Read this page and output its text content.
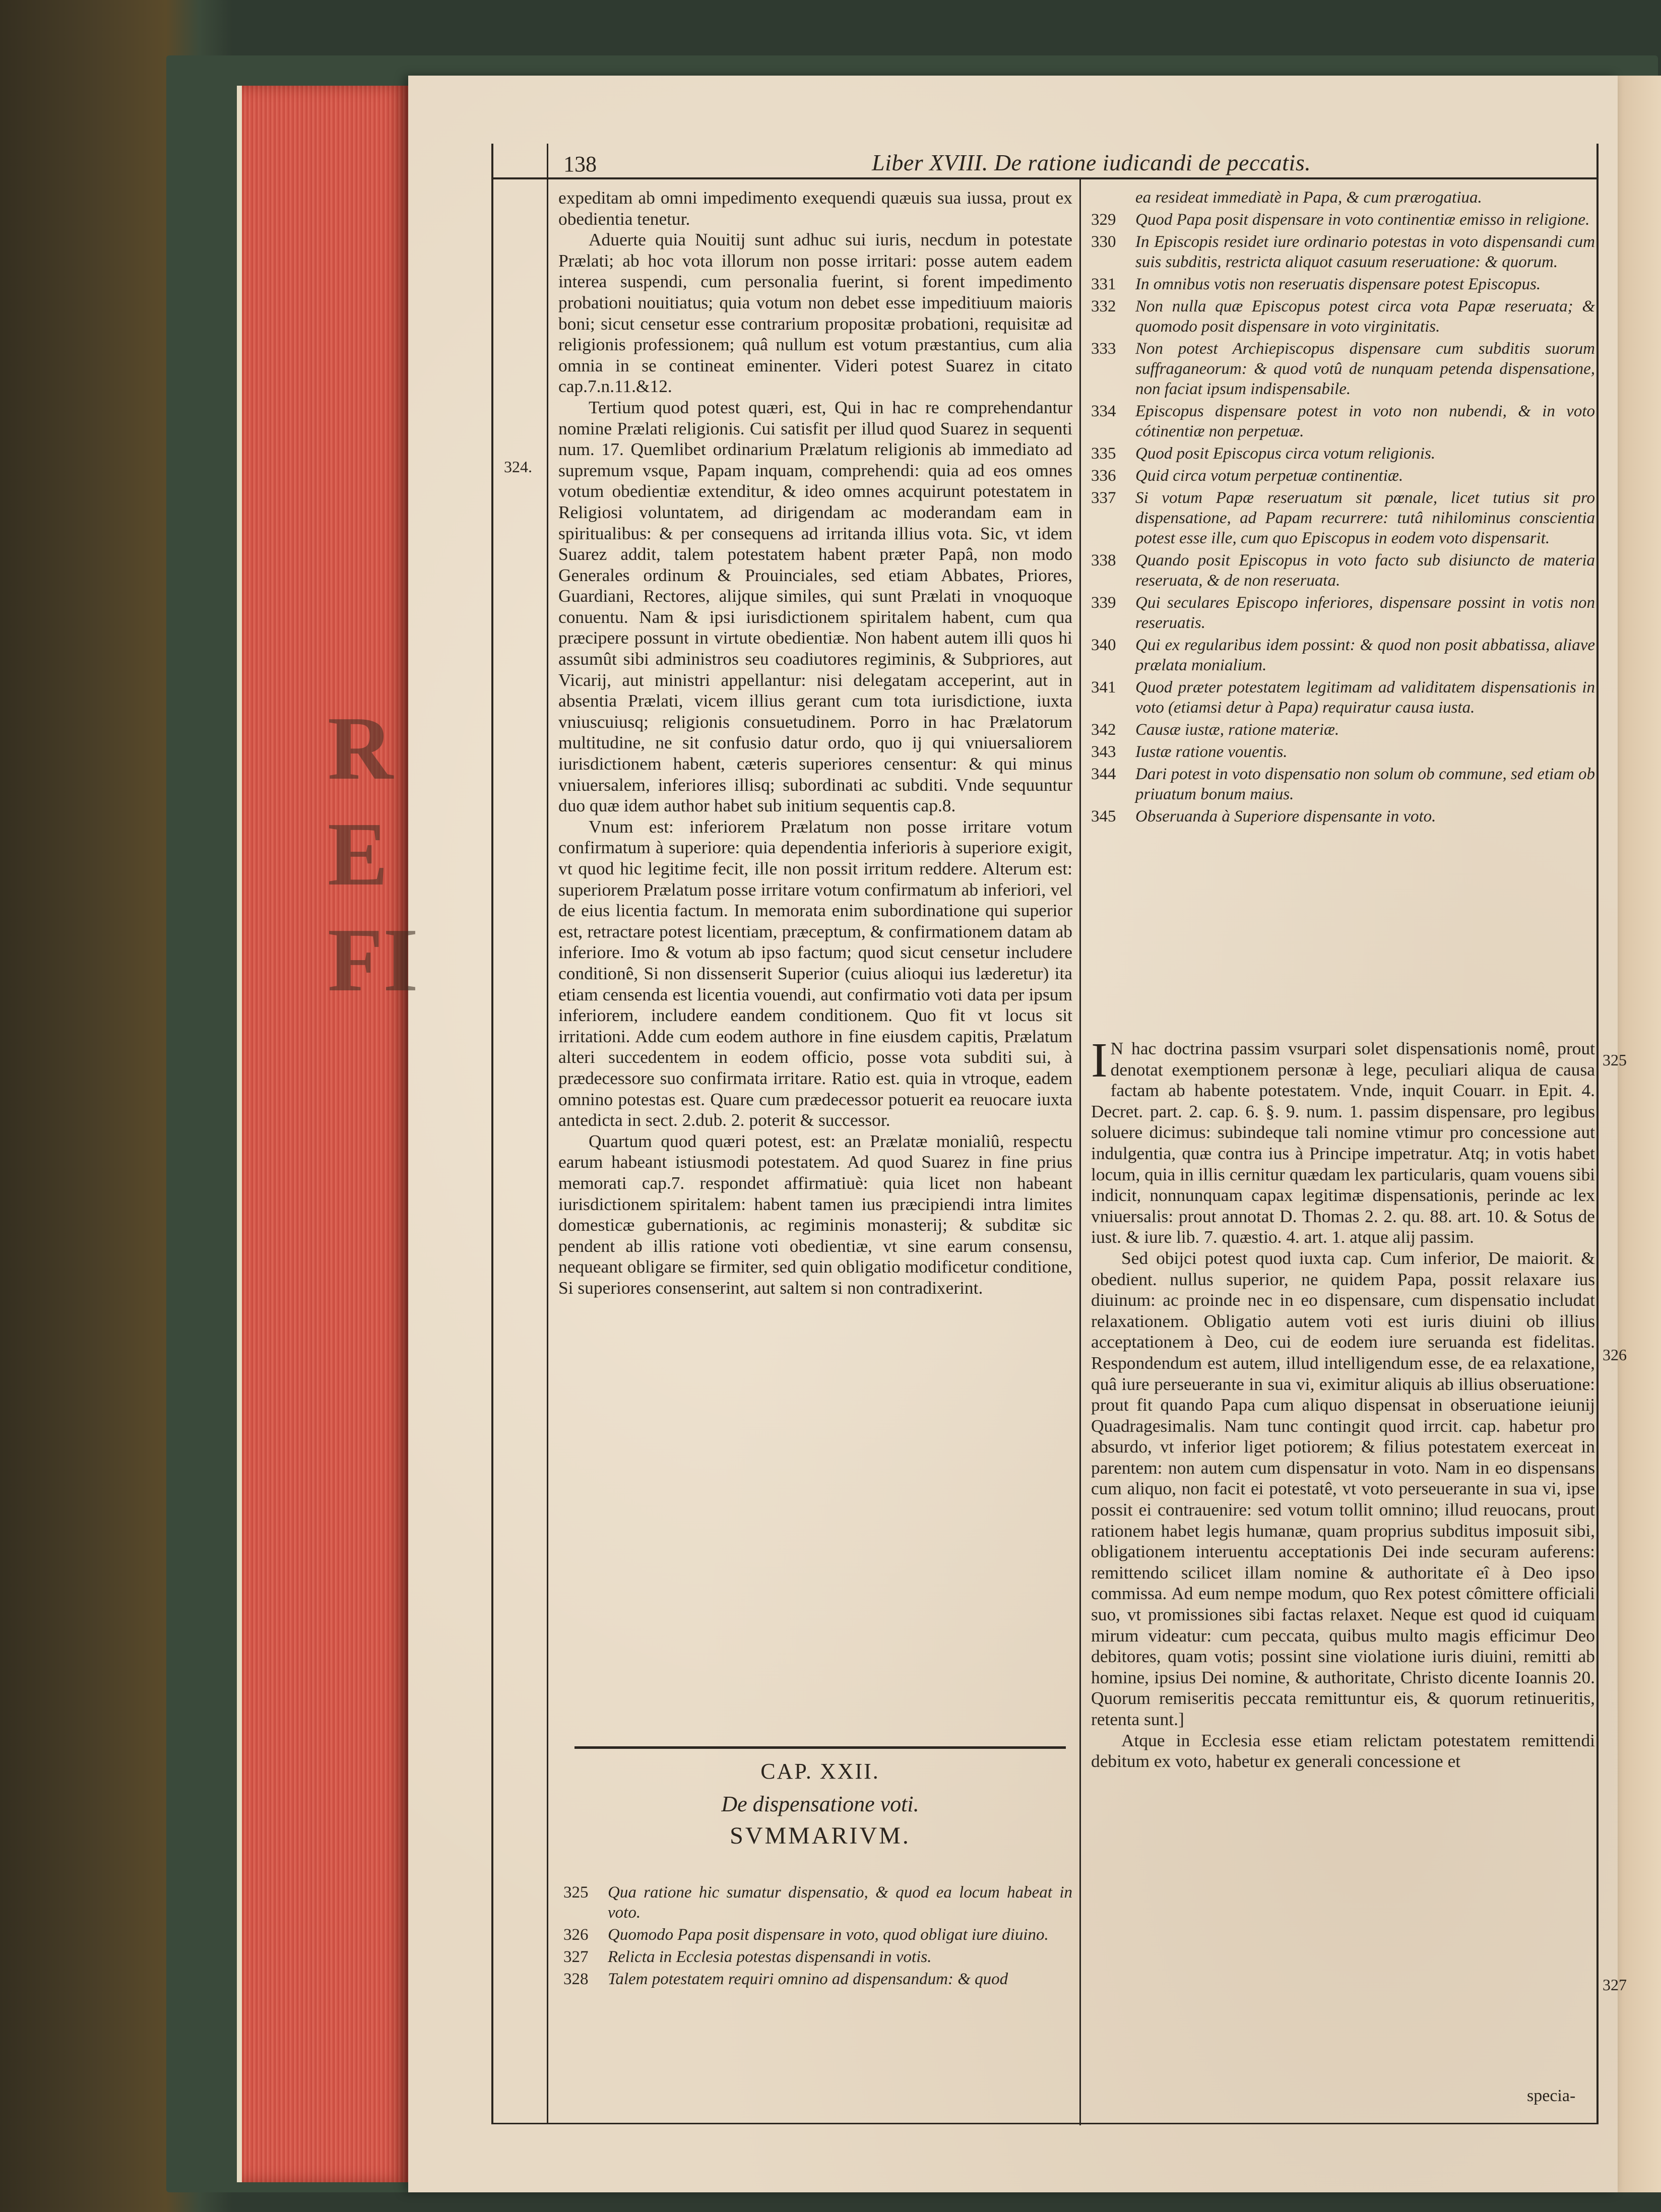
R
E
FI
138	Liber XVIII. De ratione iudicandi de peccatis.
324.

expeditam ab omni impedimento exequendi quæuis sua iussa, prout ex obedientia tenetur.

Aduerte quia Nouitij sunt adhuc sui iuris, necdum in potestate Prælati; ab hoc vota illorum non posse irritari: posse autem eadem interea suspendi, cum personalia fuerint, si forent impedimento probationi nouitiatus; quia votum non debet esse impeditiuum maioris boni; sicut censetur esse contrarium propositæ probationi, requisitæ ad religionis professionem; quâ nullum est votum præstantius, cum alia omnia in se contineat eminenter. Videri potest Suarez in citato cap.7.n.11.&12.

Tertium quod potest quæri, est, Qui in hac re comprehendantur nomine Prælati religionis. Cui satisfit per illud quod Suarez in sequenti num. 17. Quemlibet ordinarium Prælatum religionis ab immediato ad supremum vsque, Papam inquam, comprehendi: quia ad eos omnes votum obedientiæ extenditur, & ideo omnes acquirunt potestatem in Religiosi voluntatem, ad dirigendam ac moderandam eam in spiritualibus: & per consequens ad irritanda illius vota. Sic, vt idem Suarez addit, talem potestatem habent præter Papâ, non modo Generales ordinum & Prouinciales, sed etiam Abbates, Priores, Guardiani, Rectores, alijque similes, qui sunt Prælati in vnoquoque conuentu. Nam & ipsi iurisdictionem spiritalem habent, cum qua præcipere possunt in virtute obedientiæ. Non habent autem illi quos hi assumût sibi administros seu coadiutores regiminis, & Subpriores, aut Vicarij, aut ministri appellantur: nisi delegatam acceperint, aut in absentia Prælati, vicem illius gerant cum tota iurisdictione, iuxta vniuscuiusq; religionis consuetudinem. Porro in hac Prælatorum multitudine, ne sit confusio datur ordo, quo ij qui vniuersaliorem iurisdictionem habent, cæteris superiores censentur: & qui minus vniuersalem, inferiores illisq; subordinati ac subditi. Vnde sequuntur duo quæ idem author habet sub initium sequentis cap.8.

Vnum est: inferiorem Prælatum non posse irritare votum confirmatum à superiore: quia dependentia inferioris à superiore exigit, vt quod hic legitime fecit, ille non possit irritum reddere. Alterum est: superiorem Prælatum posse irritare votum confirmatum ab inferiori, vel de eius licentia factum. In memorata enim subordinatione qui superior est, retractare potest licentiam, præceptum, & confirmationem datam ab inferiore. Imo & votum ab ipso factum; quod sicut censetur includere conditionê, Si non dissenserit Superior (cuius alioqui ius læderetur) ita etiam censenda est licentia vouendi, aut confirmatio voti data per ipsum inferiorem, includere eandem conditionem. Quo fit vt locus sit irritationi. Adde cum eodem authore in fine eiusdem capitis, Prælatum alteri succedentem in eodem officio, posse vota subditi sui, à prædecessore suo confirmata irritare. Ratio est. quia in vtroque, eadem omnino potestas est. Quare cum prædecessor potuerit ea reuocare iuxta antedicta in sect. 2.dub. 2. poterit & successor.

Quartum quod quæri potest, est: an Prælatæ monialiû, respectu earum habeant istiusmodi potestatem. Ad quod Suarez in fine prius memorati cap.7. respondet affirmatiuè: quia licet non habeant iurisdictionem spiritalem: habent tamen ius præcipiendi intra limites domesticæ gubernationis, ac regiminis monasterij; & subditæ sic pendent ab illis ratione voti obedientiæ, vt sine earum consensu, nequeant obligare se firmiter, sed quin obligatio modificetur conditione, Si superiores consenserint, aut saltem si non contradixerint.

CAP. XXII.

De dispensatione voti.

SVMMARIVM.

325	Qua ratione hic sumatur dispensatio, & quod ea locum habeat in voto.
326	Quomodo Papa posit dispensare in voto, quod obligat iure diuino.
327	Relicta in Ecclesia potestas dispensandi in votis.
328	Talem potestatem requiri omnino ad dispensandum: & quod
ea resideat immediatè in Papa, & cum prærogatiua.
329	Quod Papa posit dispensare in voto continentiæ emisso in religione.
330	In Episcopis residet iure ordinario potestas in voto dispensandi cum suis subditis, restricta aliquot casuum reseruatione: & quorum.
331	In omnibus votis non reseruatis dispensare potest Episcopus.
332	Non nulla quæ Episcopus potest circa vota Papæ reseruata; & quomodo posit dispensare in voto virginitatis.
333	Non potest Archiepiscopus dispensare cum subditis suorum suffraganeorum: & quod votû de nunquam petenda dispensatione, non faciat ipsum indispensabile.
334	Episcopus dispensare potest in voto non nubendi, & in voto cótinentiæ non perpetuæ.
335	Quod posit Episcopus circa votum religionis.
336	Quid circa votum perpetuæ continentiæ.
337	Si votum Papæ reseruatum sit pœnale, licet tutius sit pro dispensatione, ad Papam recurrere: tutâ nihilominus conscientia potest esse ille, cum quo Episcopus in eodem voto dispensarit.
338	Quando posit Episcopus in voto facto sub disiuncto de materia reseruata, & de non reseruata.
339	Qui seculares Episcopo inferiores, dispensare possint in votis non reseruatis.
340	Qui ex regularibus idem possint: & quod non posit abbatissa, aliave prælata monialium.
341	Quod præter potestatem legitimam ad validitatem dispensationis in voto (etiamsi detur à Papa) requiratur causa iusta.
342	Causæ iustæ, ratione materiæ.
343	Iustæ ratione vouentis.
344	Dari potest in voto dispensatio non solum ob commune, sed etiam ob priuatum bonum maius.
345	Obseruanda à Superiore dispensante in voto.

I N hac doctrina passim vsurpari solet dispensationis nomê, prout denotat exemptionem personæ à lege, peculiari aliqua de causa factam ab habente potestatem. Vnde, inquit Couarr. in Epit. 4. Decret. part. 2. cap. 6. §. 9. num. 1. passim dispensare, pro legibus soluere dicimus: subindeque tali nomine vtimur pro concessione aut indulgentia, quæ contra ius à Principe impetratur. Atq; in votis habet locum, quia in illis cernitur quædam lex particularis, quam vouens sibi indicit, nonnunquam capax legitimæ dispensationis, perinde ac lex vniuersalis: prout annotat D. Thomas 2. 2. qu. 88. art. 10. & Sotus de iust. & iure lib. 7. quæstio. 4. art. 1. atque alij passim.

Sed obijci potest quod iuxta cap. Cum inferior, De maiorit. & obedient. nullus superior, ne quidem Papa, possit relaxare ius diuinum: ac proinde nec in eo dispensare, cum dispensatio includat relaxationem. Obligatio autem voti est iuris diuini ob illius acceptationem à Deo, cui de eodem iure seruanda est fidelitas. Respondendum est autem, illud intelligendum esse, de ea relaxatione, quâ iure perseuerante in sua vi, eximitur aliquis ab illius obseruatione: prout fit quando Papa cum aliquo dispensat in obseruatione ieiunij Quadragesimalis. Nam tunc contingit quod irrcit. cap. habetur pro absurdo, vt inferior liget potiorem; & filius potestatem exerceat in parentem: non autem cum dispensatur in voto. Nam in eo dispensans cum aliquo, non facit ei potestatê, vt voto perseuerante in sua vi, ipse possit ei contrauenire: sed votum tollit omnino; illud reuocans, prout rationem habet legis humanæ, quam proprius subditus imposuit sibi, obligationem interuentu acceptationis Dei inde securam auferens: remittendo scilicet illam nomine & authoritate eî à Deo ipso commissa. Ad eum nempe modum, quo Rex potest cômittere officiali suo, vt promissiones sibi factas relaxet. Neque est quod id cuiquam mirum videatur: cum peccata, quibus multo magis efficimur Deo debitores, quam votis; possint sine violatione iuris diuini, remitti ab homine, ipsius Dei nomine, & authoritate, Christo dicente Ioannis 20. Quorum remiseritis peccata remittuntur eis, & quorum retinueritis, retenta sunt.]

Atque in Ecclesia esse etiam relictam potestatem remittendi debitum ex voto, habetur ex generali concessione et

325
326
327
specia-
